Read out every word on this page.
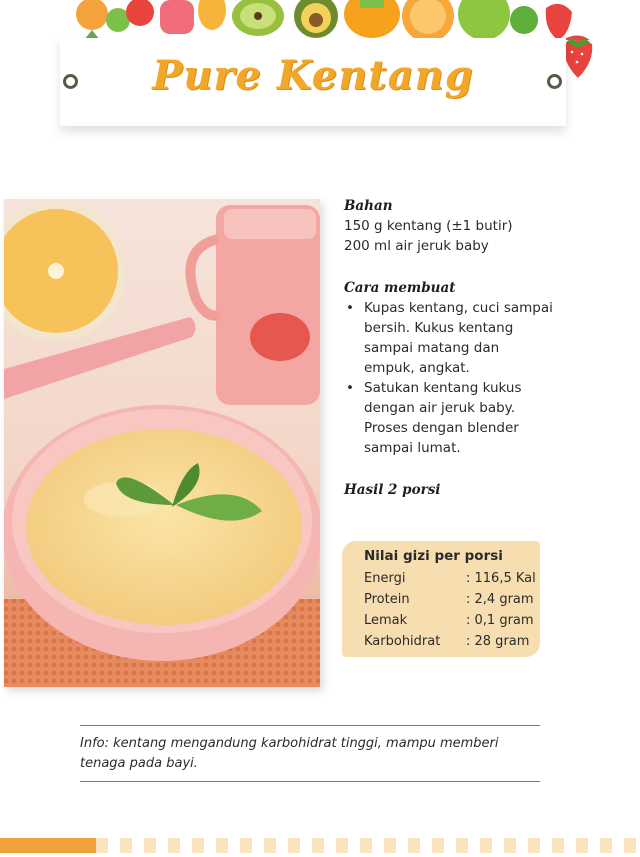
Pure Kentang

Bahan

150 g kentang (±1 butir)

200 ml air jeruk baby

Cara membuat

• Kupas kentang, cuci sampai bersih. Kukus kentang sampai matang dan empuk, angkat.
• Satukan kentang kukus dengan air jeruk baby. Proses dengan blender sampai lumat.

Hasil 2 porsi

Nilai gizi per porsi
Energi	: 116,5 Kal
Protein	: 2,4 gram
Lemak	: 0,1 gram
Karbohidrat : 28 gram
Info: kentang mengandung karbohidrat tinggi, mampu memberi tenaga pada bayi.
